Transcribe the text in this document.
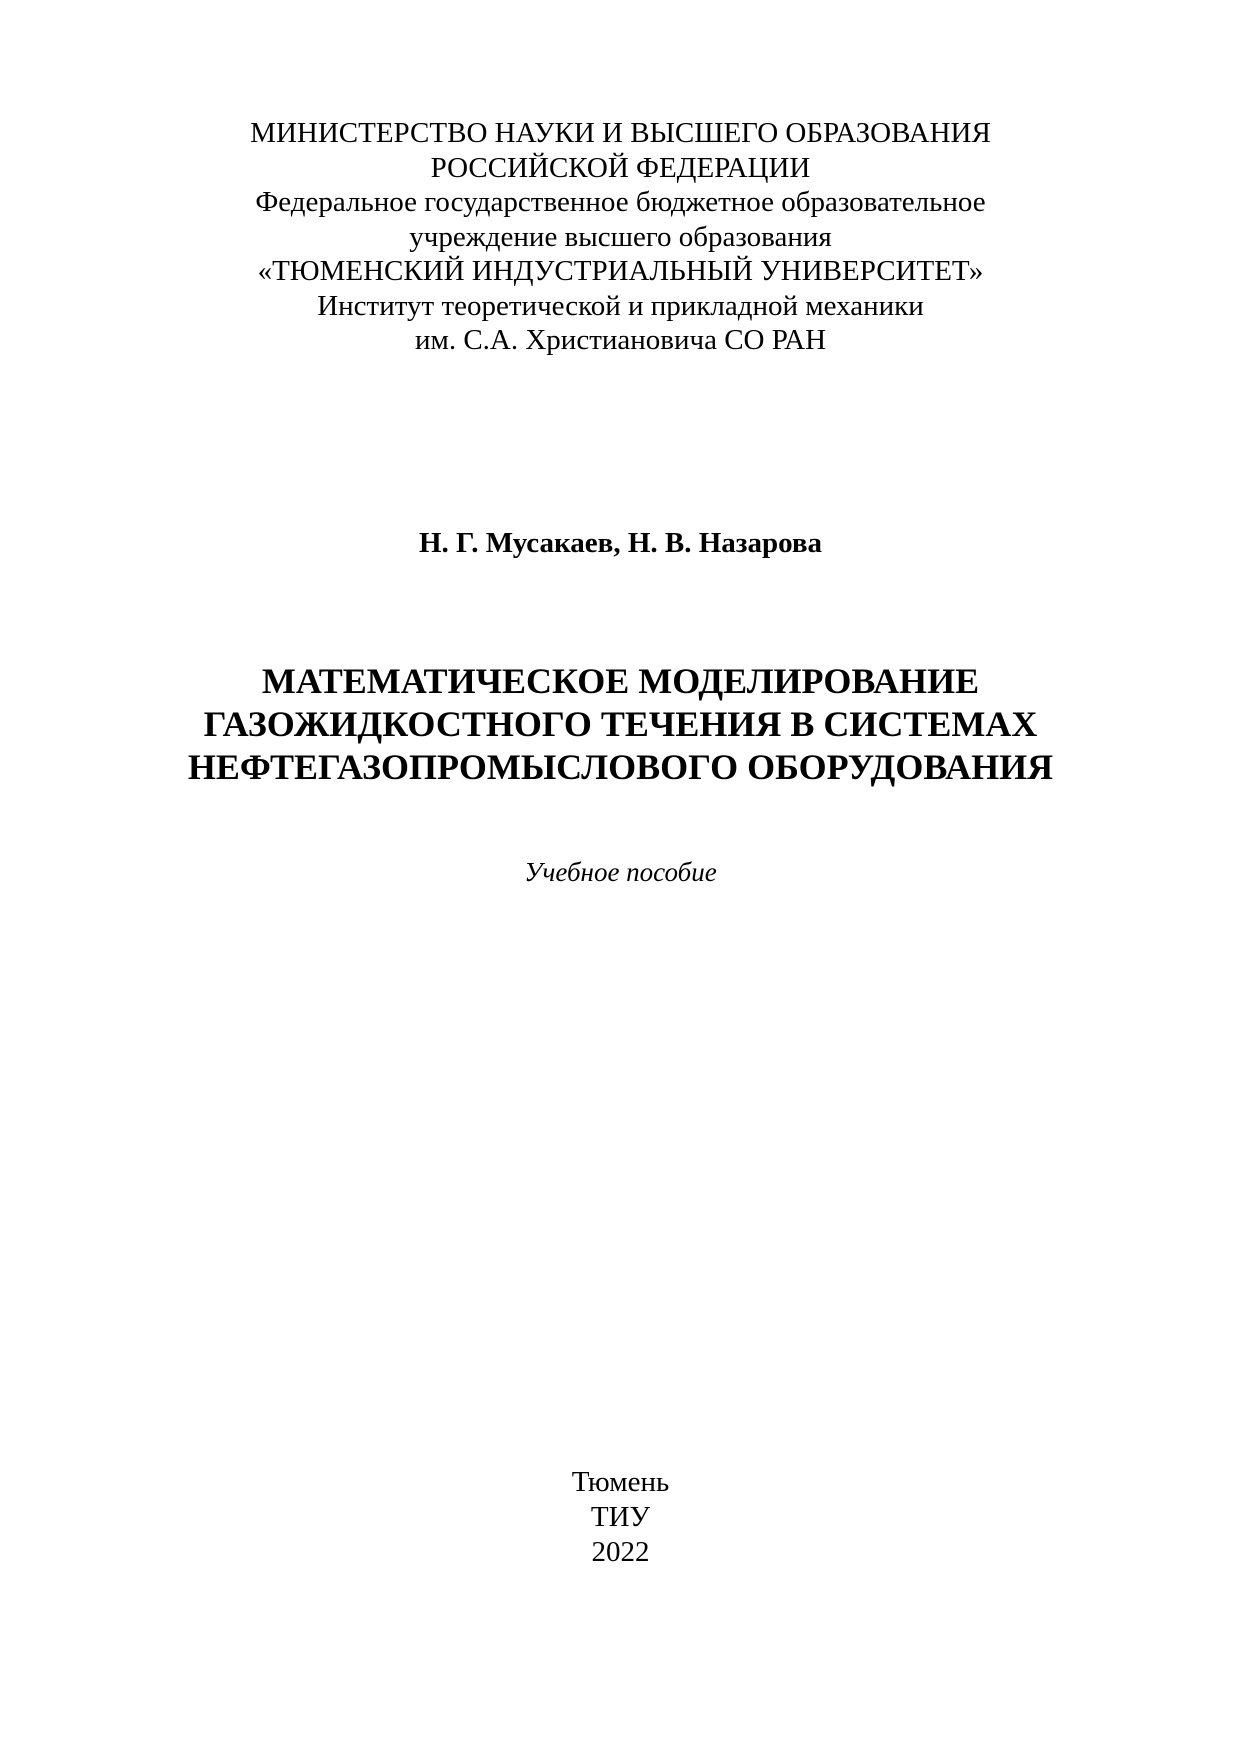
МИНИСТЕРСТВО НАУКИ И ВЫСШЕГО ОБРАЗОВАНИЯ
РОССИЙСКОЙ ФЕДЕРАЦИИ
Федеральное государственное бюджетное образовательное
учреждение высшего образования
«ТЮМЕНСКИЙ ИНДУСТРИАЛЬНЫЙ УНИВЕРСИТЕТ»
Институт теоретической и прикладной механики
им. С.А. Христиановича СО РАН
Н. Г. Мусакаев, Н. В. Назарова
МАТЕМАТИЧЕСКОЕ МОДЕЛИРОВАНИЕ
ГАЗОЖИДКОСТНОГО ТЕЧЕНИЯ В СИСТЕМАХ
НЕФТЕГАЗОПРОМЫСЛОВОГО ОБОРУДОВАНИЯ
Учебное пособие
Тюмень
ТИУ
2022
